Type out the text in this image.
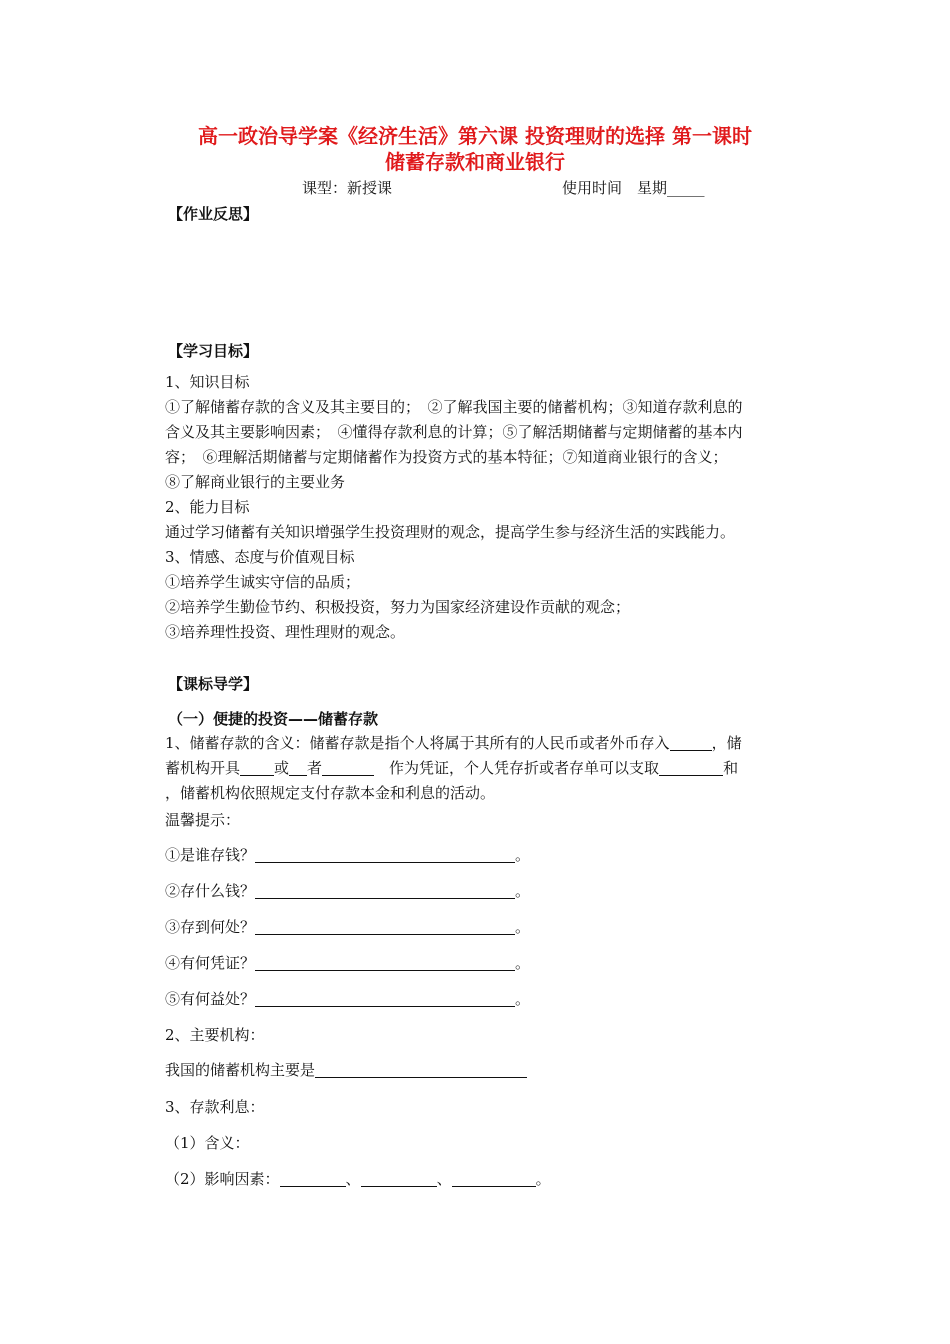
高一政治导学案《经济生活》第六课 投资理财的选择 第一课时
储蓄存款和商业银行
课型：新授课	使用时间　星期_____
【作业反思】
【学习目标】
1、知识目标
①了解储蓄存款的含义及其主要目的；　②了解我国主要的储蓄机构；③知道存款利息的
含义及其主要影响因素；　④懂得存款利息的计算；⑤了解活期储蓄与定期储蓄的基本内
容；　⑥理解活期储蓄与定期储蓄作为投资方式的基本特征；⑦知道商业银行的含义；
⑧了解商业银行的主要业务
2、能力目标
通过学习储蓄有关知识增强学生投资理财的观念，提高学生参与经济生活的实践能力。
3、情感、态度与价值观目标
①培养学生诚实守信的品质；
②培养学生勤俭节约、积极投资，努力为国家经济建设作贡献的观念；
③培养理性投资、理性理财的观念。
【课标导学】
（一）便捷的投资——储蓄存款
1、储蓄存款的含义：储蓄存款是指个人将属于其所有的人民币或者外币存入	，储
蓄机构开具 或 者	　作为凭证，个人凭存折或者存单可以支取	和
，储蓄机构依照规定支付存款本金和利息的活动。
温馨提示：
①是谁存钱？	。
②存什么钱？	。
③存到何处？	。
④有何凭证？	。
⑤有何益处？	。
2、主要机构：
我国的储蓄机构主要是
3、存款利息：
（1）含义：
（2）影响因素：	、	、	。
